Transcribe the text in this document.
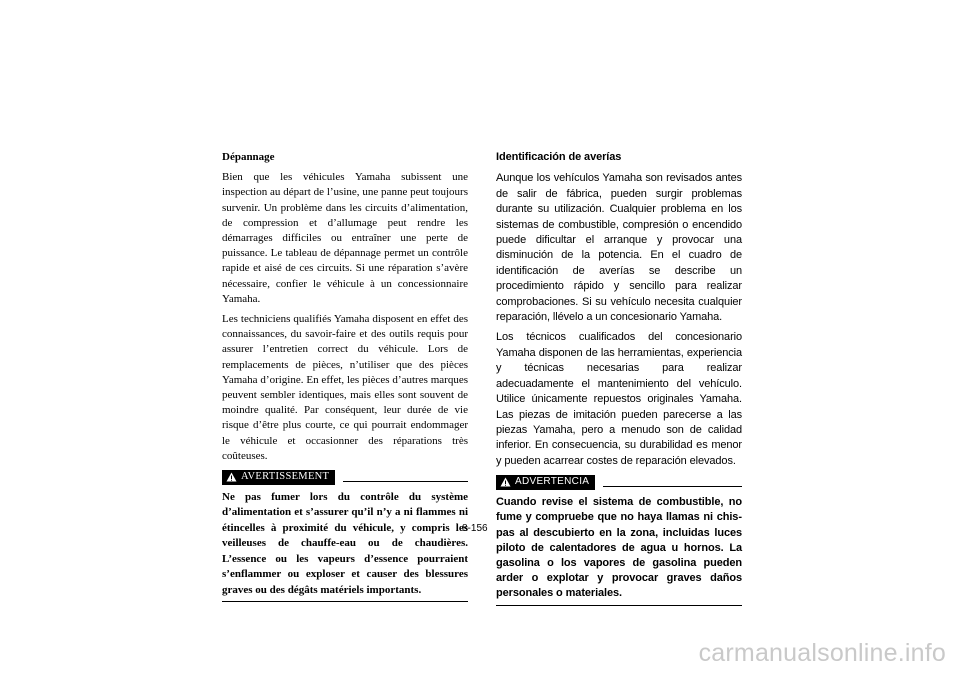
Dépannage

Bien que les véhicules Yamaha subissent une inspection au départ de l’usine, une panne peut toujours survenir. Un problème dans les circuits d’alimentation, de compression et d’allumage peut rendre les démarrages difficiles ou entraîner une perte de puissance. Le tableau de dépannage permet un contrôle rapide et aisé de ces circuits. Si une réparation s’avère nécessaire, confier le véhicule à un concessionnaire Yamaha.

Les techniciens qualifiés Yamaha disposent en effet des connaissances, du savoir-faire et des outils requis pour assurer l’entretien correct du véhicule. Lors de remplacements de pièces, n’utiliser que des pièces Yamaha d’origine. En effet, les pièces d’autres marques peuvent sembler identiques, mais elles sont souvent de moindre qualité. Par conséquent, leur durée de vie risque d’être plus courte, ce qui pourrait endommager le véhicule et occasionner des réparations très coûteuses.

AVERTISSEMENT

Ne pas fumer lors du contrôle du système d’alimentation et s’assurer qu’il n’y a ni flammes ni étincelles à proximité du véhicule, y compris les veilleuses de chauffe-eau ou de chaudières. L’essence ou les vapeurs d’essence pourraient s’enflammer ou exploser et causer des blessures graves ou des dégâts matériels importants.

Identificación de averías

Aunque los vehículos Yamaha son revisados antes de salir de fábrica, pueden surgir problemas durante su utilización. Cualquier problema en los sistemas de combustible, compresión o encendido puede dificultar el arranque y provocar una disminución de la potencia. En el cuadro de identificación de averías se describe un procedimiento rápido y sencillo para realizar comprobaciones. Si su vehículo necesita cualquier reparación, llévelo a un concesionario Yamaha.

Los técnicos cualificados del concesionario Yamaha disponen de las herramientas, experiencia y técnicas necesarias para realizar adecuadamente el mantenimiento del vehículo. Utilice únicamente repuestos originales Yamaha. Las piezas de imitación pueden parecerse a las piezas Yamaha, pero a menudo son de calidad inferior. En consecuencia, su durabilidad es menor y pueden acarrear costes de reparación elevados.

ADVERTENCIA

Cuando revise el sistema de combustible, no fume y compruebe que no haya llamas ni chispas al descubierto en la zona, incluidas luces piloto de calentadores de agua u hornos. La gasolina o los vapores de gasolina pueden arder o explotar y provocar graves daños personales o materiales.

8-156
carmanualsonline.info
